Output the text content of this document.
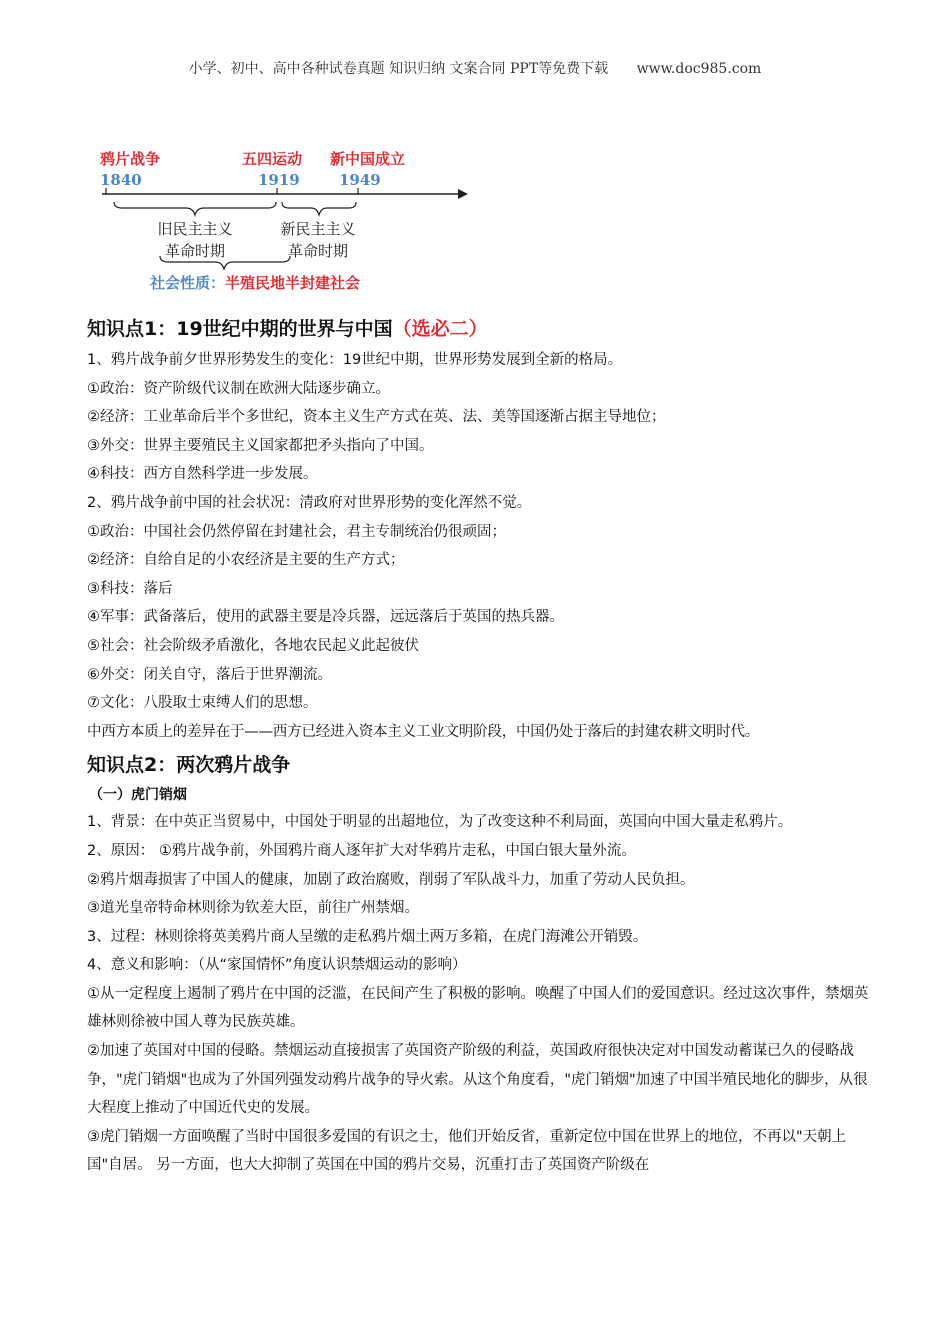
小学、初中、高中各种试卷真题 知识归纳 文案合同 PPT等免费下载 www.doc985.com
鸦片战争
1840
五四运动
1919
新中国成立
1949
旧民主主义
革命时期
新民主主义
革命时期
社会性质：半殖民地半封建社会
知识点1：19世纪中期的世界与中国（选必二）

1、鸦片战争前夕世界形势发生的变化：19世纪中期，世界形势发展到全新的格局。

①政治：资产阶级代议制在欧洲大陆逐步确立。

②经济：工业革命后半个多世纪，资本主义生产方式在英、法、美等国逐渐占据主导地位；

③外交：世界主要殖民主义国家都把矛头指向了中国。

④科技：西方自然科学进一步发展。

2、鸦片战争前中国的社会状况：清政府对世界形势的变化浑然不觉。

①政治：中国社会仍然停留在封建社会，君主专制统治仍很顽固；

②经济：自给自足的小农经济是主要的生产方式；

③科技：落后

④军事：武备落后，使用的武器主要是冷兵器，远远落后于英国的热兵器。

⑤社会：社会阶级矛盾激化，各地农民起义此起彼伏

⑥外交：闭关自守，落后于世界潮流。

⑦文化：八股取士束缚人们的思想。

中西方本质上的差异在于——西方已经进入资本主义工业文明阶段，中国仍处于落后的封建农耕文明时代。

知识点2：两次鸦片战争
（一）虎门销烟

1、背景：在中英正当贸易中，中国处于明显的出超地位，为了改变这种不利局面，英国向中国大量走私鸦片。

2、原因： ①鸦片战争前，外国鸦片商人逐年扩大对华鸦片走私，中国白银大量外流。

②鸦片烟毒损害了中国人的健康，加剧了政治腐败，削弱了军队战斗力，加重了劳动人民负担。

③道光皇帝特命林则徐为钦差大臣，前往广州禁烟。

3、过程：林则徐将英美鸦片商人呈缴的走私鸦片烟土两万多箱，在虎门海滩公开销毁。

4、意义和影响：（从“家国情怀”角度认识禁烟运动的影响）

①从一定程度上遏制了鸦片在中国的泛滥，在民间产生了积极的影响。唤醒了中国人们的爱国意识。经过这次事件，禁烟英雄林则徐被中国人尊为民族英雄。

②加速了英国对中国的侵略。禁烟运动直接损害了英国资产阶级的利益，英国政府很快决定对中国发动蓄谋已久的侵略战争，"虎门销烟"也成为了外国列强发动鸦片战争的导火索。从这个角度看，"虎门销烟"加速了中国半殖民地化的脚步，从很大程度上推动了中国近代史的发展。

③虎门销烟一方面唤醒了当时中国很多爱国的有识之士，他们开始反省，重新定位中国在世界上的地位，不再以"天朝上国"自居。 另一方面，也大大抑制了英国在中国的鸦片交易，沉重打击了英国资产阶级在
